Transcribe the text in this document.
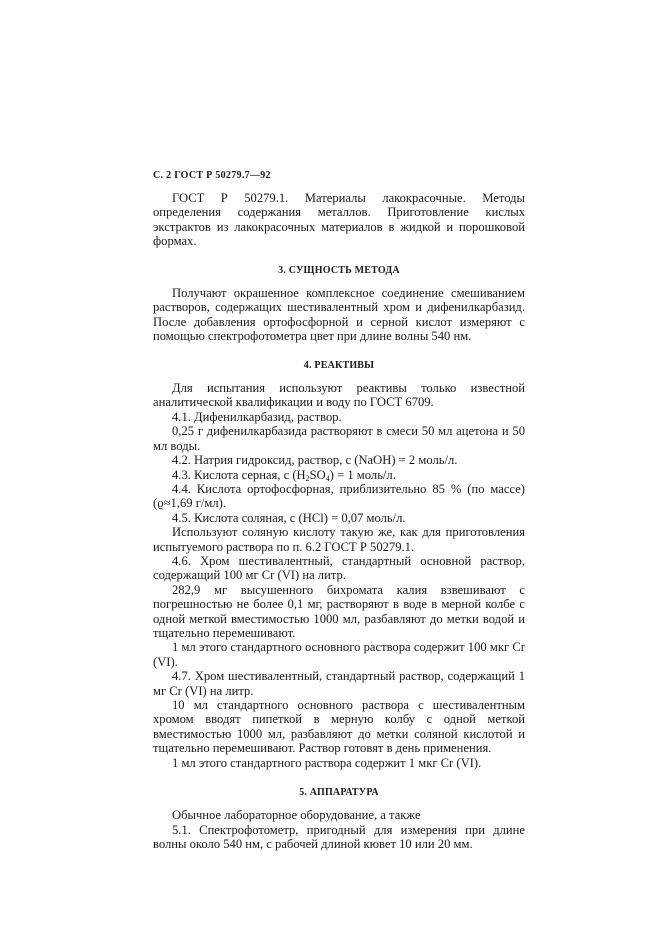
С. 2 ГОСТ Р 50279.7—92

ГОСТ Р 50279.1. Материалы лакокрасочные. Методы определения содержания металлов. Приготовление кислых экстрактов из лакокрасочных материалов в жидкой и порошковой формах.

3. СУЩНОСТЬ МЕТОДА

Получают окрашенное комплексное соединение смешиванием растворов, содержащих шестивалентный хром и дифенилкарбазид. После добавления ортофосфорной и серной кислот измеряют с помощью спектрофотометра цвет при длине волны 540 нм.

4. РЕАКТИВЫ

Для испытания используют реактивы только известной аналитической квалификации и воду по ГОСТ 6709.

4.1. Дифенилкарбазид, раствор.

0,25 г дифенилкарбазида растворяют в смеси 50 мл ацетона и 50 мл воды.

4.2. Натрия гидроксид, раствор, c (NaOH) = 2 моль/л.

4.3. Кислота серная, c $(H_2SO_4) = 1$ моль/л.

4.4. Кислота ортофосфорная, приблизительно 85 % (по массе) (ϱ≈1,69 г/мл).

4.5. Кислота соляная, c (HCl) = 0,07 моль/л.

Используют соляную кислоту такую же, как для приготовления испытуемого раствора по п. 6.2 ГОСТ Р 50279.1.

4.6. Хром шестивалентный, стандартный основной раствор, содержащий 100 мг Cr (VI) на литр.

282,9 мг высушенного бихромата калия взвешивают с погрешностью не более 0,1 мг, растворяют в воде в мерной колбе с одной меткой вместимостью 1000 мл, разбавляют до метки водой и тщательно перемешивают.

1 мл этого стандартного основного раствора содержит 100 мкг Cr (VI).

4.7. Хром шестивалентный, стандартный раствор, содержащий 1 мг Cr (VI) на литр.

10 мл стандартного основного раствора с шестивалентным хромом вводят пипеткой в мерную колбу с одной меткой вместимостью 1000 мл, разбавляют до метки соляной кислотой и тщательно перемешивают. Раствор готовят в день применения.

1 мл этого стандартного раствора содержит 1 мкг Cr (VI).

5. АППАРАТУРА

Обычное лабораторное оборудование, а также

5.1. Спектрофотометр, пригодный для измерения при длине волны около 540 нм, с рабочей длиной кювет 10 или 20 мм.
